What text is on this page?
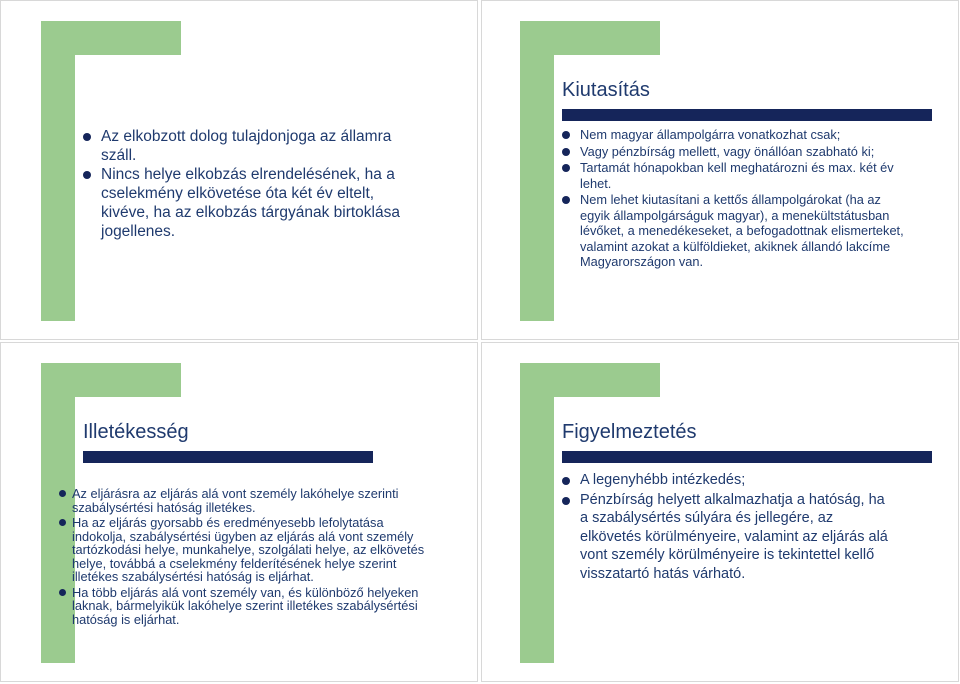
Az elkobzott dolog tulajdonjoga az államra száll.
Nincs helye elkobzás elrendelésének, ha a cselekmény elkövetése óta két év eltelt, kivéve, ha az elkobzás tárgyának birtoklása jogellenes.
Kiutasítás
Nem magyar állampolgárra vonatkozhat csak;
Vagy pénzbírság mellett, vagy önállóan szabható ki;
Tartamát hónapokban kell meghatározni és max. két év lehet.
Nem lehet kiutasítani a kettős állampolgárokat (ha az egyik állampolgárságuk magyar), a menekültstátusban lévőket, a menedékeseket, a befogadottnak elismerteket, valamint azokat a külföldieket, akiknek állandó lakcíme Magyarországon van.
Illetékesség
Az eljárásra az eljárás alá vont személy lakóhelye szerinti szabálysértési hatóság illetékes.
Ha az eljárás gyorsabb és eredményesebb lefolytatása indokolja, szabálysértési ügyben az eljárás alá vont személy tartózkodási helye, munkahelye, szolgálati helye, az elkövetés helye, továbbá a cselekmény felderítésének helye szerint illetékes szabálysértési hatóság is eljárhat.
Ha több eljárás alá vont személy van, és különböző helyeken laknak, bármelyikük lakóhelye szerint illetékes szabálysértési hatóság is eljárhat.
Figyelmeztetés
A legenyhébb intézkedés;
Pénzbírság helyett alkalmazhatja a hatóság, ha a szabálysértés súlyára és jellegére, az elkövetés körülményeire, valamint az eljárás alá vont személy körülményeire is tekintettel kellő visszatartó hatás várható.
